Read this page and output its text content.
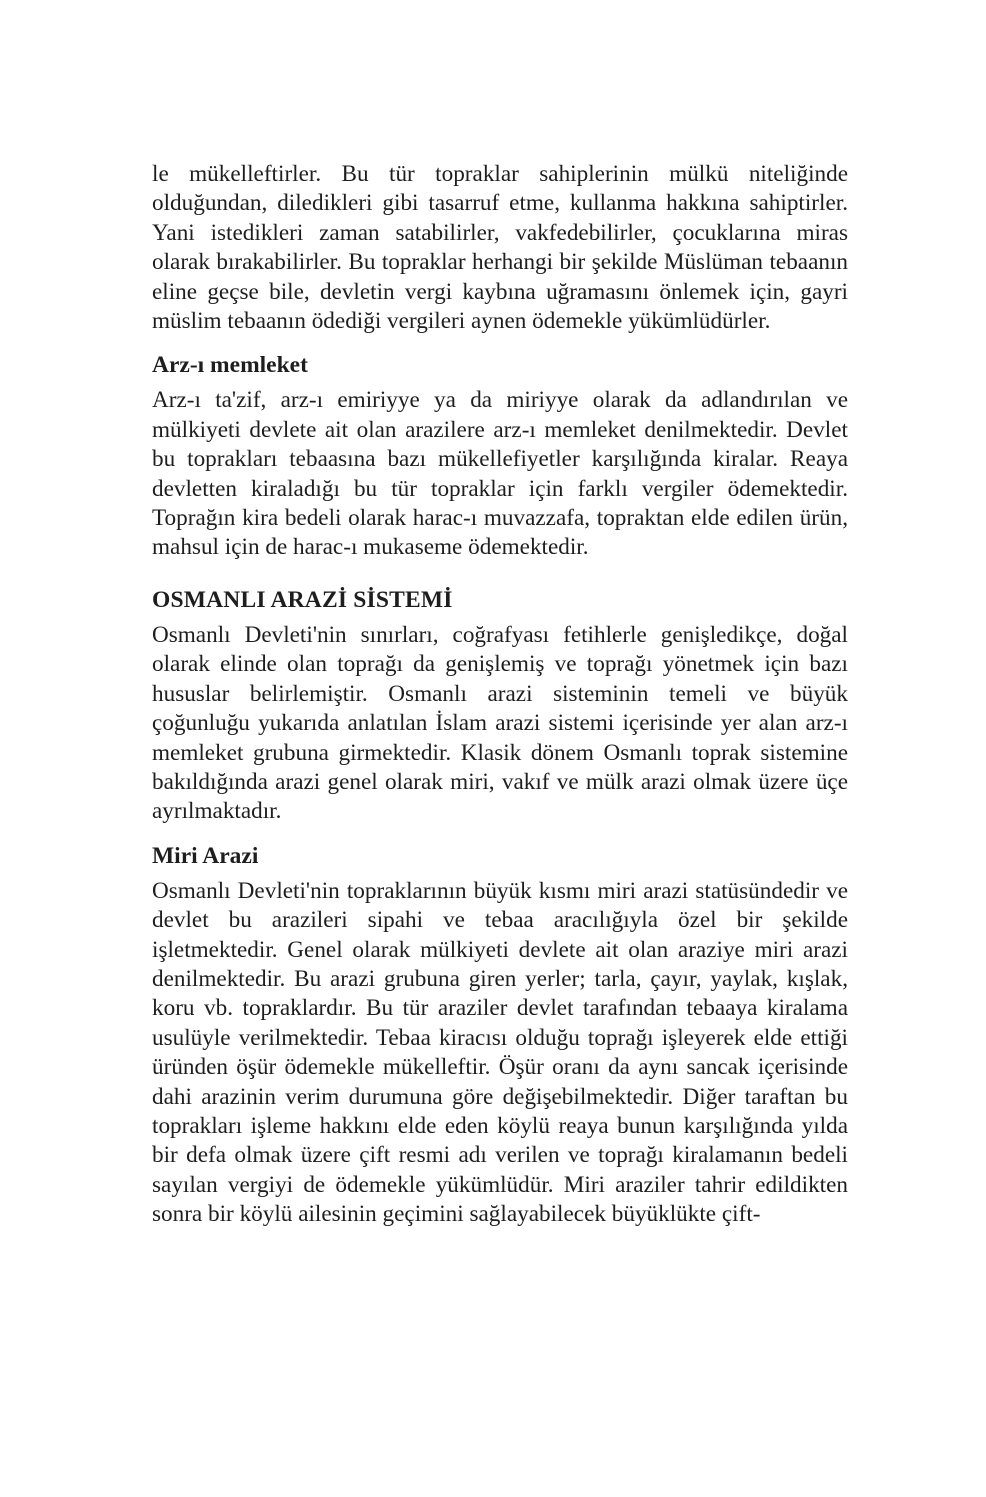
le mükelleftirler. Bu tür topraklar sahiplerinin mülkü niteliğinde olduğundan, diledikleri gibi tasarruf etme, kullanma hakkına sahiptirler. Yani istedikleri zaman satabilirler, vakfedebilirler, çocuklarına miras olarak bırakabilirler. Bu topraklar herhangi bir şekilde Müslüman tebaanın eline geçse bile, devletin vergi kaybına uğramasını önlemek için, gayri müslim tebaanın ödediği vergileri aynen ödemekle yükümlüdürler.

Arz-ı memleket

Arz-ı ta'zif, arz-ı emiriyye ya da miriyye olarak da adlandırılan ve mülkiyeti devlete ait olan arazilere arz-ı memleket denilmektedir. Devlet bu toprakları tebaasına bazı mükellefiyetler karşılığında kiralar. Reaya devletten kiraladığı bu tür topraklar için farklı vergiler ödemektedir. Toprağın kira bedeli olarak harac-ı muvazzafa, topraktan elde edilen ürün, mahsul için de harac-ı mukaseme ödemektedir.

OSMANLI ARAZİ SİSTEMİ

Osmanlı Devleti'nin sınırları, coğrafyası fetihlerle genişledikçe, doğal olarak elinde olan toprağı da genişlemiş ve toprağı yönetmek için bazı hususlar belirlemiştir. Osmanlı arazi sisteminin temeli ve büyük çoğunluğu yukarıda anlatılan İslam arazi sistemi içerisinde yer alan arz-ı memleket grubuna girmektedir. Klasik dönem Osmanlı toprak sistemine bakıldığında arazi genel olarak miri, vakıf ve mülk arazi olmak üzere üçe ayrılmaktadır.

Miri Arazi

Osmanlı Devleti'nin topraklarının büyük kısmı miri arazi statüsündedir ve devlet bu arazileri sipahi ve tebaa aracılığıyla özel bir şekilde işletmektedir. Genel olarak mülkiyeti devlete ait olan araziye miri arazi denilmektedir. Bu arazi grubuna giren yerler; tarla, çayır, yaylak, kışlak, koru vb. topraklardır. Bu tür araziler devlet tarafından tebaaya kiralama usulüyle verilmektedir. Tebaa kiracısı olduğu toprağı işleyerek elde ettiği üründen öşür ödemekle mükelleftir. Öşür oranı da aynı sancak içerisinde dahi arazinin verim durumuna göre değişebilmektedir. Diğer taraftan bu toprakları işleme hakkını elde eden köylü reaya bunun karşılığında yılda bir defa olmak üzere çift resmi adı verilen ve toprağı kiralamanın bedeli sayılan vergiyi de ödemekle yükümlüdür. Miri araziler tahrir edildikten sonra bir köylü ailesinin geçimini sağlayabilecek büyüklükte çift-
